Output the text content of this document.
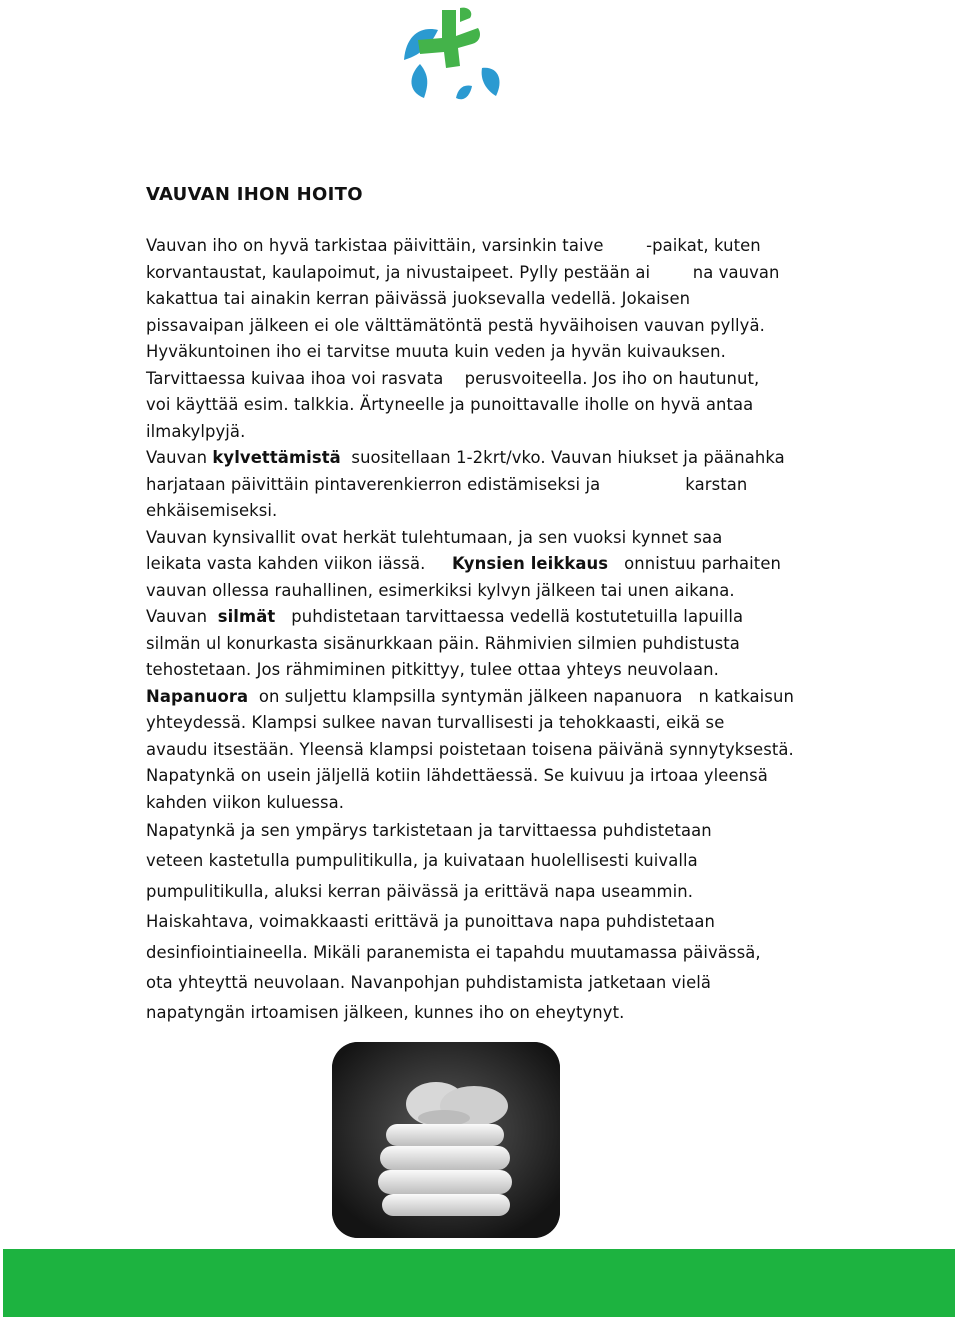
VAUVAN IHON HOITO
Vauvan iho on hyvä tarkistaa päivittäin, varsinkin taive        -paikat, kuten
korvantaustat, kaulapoimut, ja nivustaipeet. Pylly pestään ai        na vauvan
kakattua tai ainakin kerran päivässä juoksevalla vedellä. Jokaisen
pissavaipan jälkeen ei ole välttämätöntä pestä hyväihoisen vauvan pyllyä.
Hyväkuntoinen iho ei tarvitse muuta kuin veden ja hyvän kuivauksen.
Tarvittaessa kuivaa ihoa voi rasvata    perusvoiteella. Jos iho on hautunut,
voi käyttää esim. talkkia. Ärtyneelle ja punoittavalle iholle on hyvä antaa
ilmakylpyjä.
Vauvan kylvettämistä  suositellaan 1-2krt/vko. Vauvan hiukset ja päänahka
harjataan päivittäin pintaverenkierron edistämiseksi ja                karstan
ehkäisemiseksi.
Vauvan kynsivallit ovat herkät tulehtumaan, ja sen vuoksi kynnet saa
leikata vasta kahden viikon iässä. Kynsien leikkaus   onnistuu parhaiten
vauvan ollessa rauhallinen, esimerkiksi kylvyn jälkeen tai unen aikana.
Vauvan  silmät   puhdistetaan tarvittaessa vedellä kostutetuilla lapuilla
silmän ul konurkasta sisänurkkaan päin. Rähmivien silmien puhdistusta
tehostetaan. Jos rähmiminen pitkittyy, tulee ottaa yhteys neuvolaan.
Napanuora  on suljettu klampsilla syntymän jälkeen napanuora   n katkaisun
yhteydessä. Klampsi sulkee navan turvallisesti ja tehokkaasti, eikä se
avaudu itsestään. Yleensä klampsi poistetaan toisena päivänä synnytyksestä.
Napatynkä on usein jäljellä kotiin lähdettäessä. Se kuivuu ja irtoaa yleensä
kahden viikon kuluessa.
Napatynkä ja sen ympärys tarkistetaan ja tarvittaessa puhdistetaan
veteen kastetulla pumpulitikulla, ja kuivataan huolellisesti kuivalla
pumpulitikulla, aluksi kerran päivässä ja erittävä napa useammin.
Haiskahtava, voimakkaasti erittävä ja punoittava napa puhdistetaan
desinfiointiaineella. Mikäli paranemista ei tapahdu muutamassa päivässä,
ota yhteyttä neuvolaan. Navanpohjan puhdistamista jatketaan vielä
napatyngän irtoamisen jälkeen, kunnes iho on eheytynyt.
